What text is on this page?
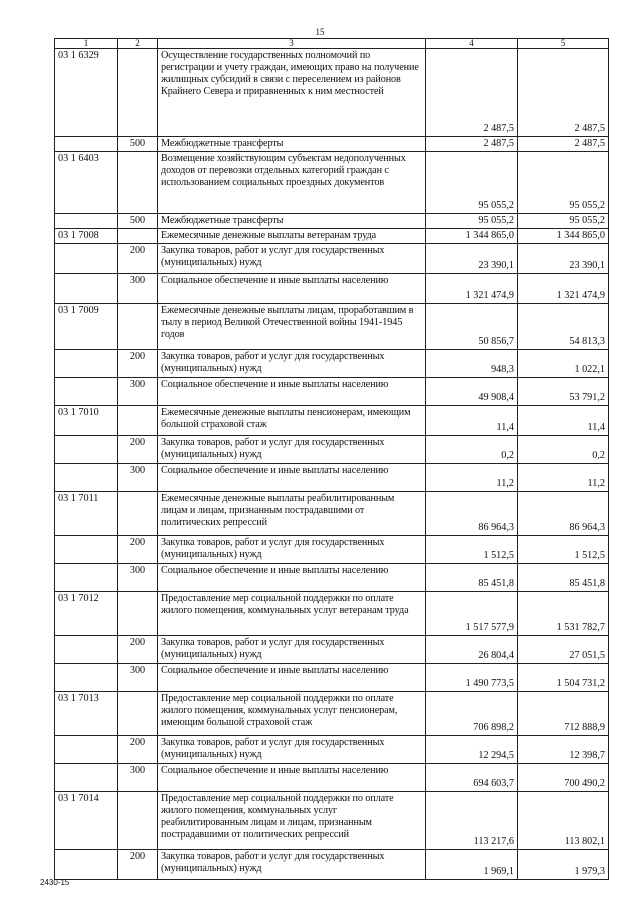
15
1	2	3	4	5
03 1 6329		Осуществление государственных полномочий по регистрации и учету граждан, имеющих право на получение жилищных субсидий в связи с переселением из районов Крайнего Севера и приравненных к ним местностей	2 487,5	2 487,5
	500	Межбюджетные трансферты	2 487,5	2 487,5
03 1 6403		Возмещение хозяйствующим субъектам недополученных доходов от перевозки отдельных категорий граждан с использованием социальных проездных документов	95 055,2	95 055,2
	500	Межбюджетные трансферты	95 055,2	95 055,2
03 1 7008		Ежемесячные денежные выплаты ветеранам труда	1 344 865,0	1 344 865,0
	200	Закупка товаров, работ и услуг для государственных (муниципальных) нужд	23 390,1	23 390,1
	300	Социальное обеспечение и иные выплаты населению	1 321 474,9	1 321 474,9
03 1 7009		Ежемесячные денежные выплаты лицам, проработавшим в тылу в период Великой Отечественной войны 1941-1945 годов	50 856,7	54 813,3
	200	Закупка товаров, работ и услуг для государственных (муниципальных) нужд	948,3	1 022,1
	300	Социальное обеспечение и иные выплаты населению	49 908,4	53 791,2
03 1 7010		Ежемесячные денежные выплаты пенсионерам, имеющим большой страховой стаж	11,4	11,4
	200	Закупка товаров, работ и услуг для государственных (муниципальных) нужд	0,2	0,2
	300	Социальное обеспечение и иные выплаты населению	11,2	11,2
03 1 7011		Ежемесячные денежные выплаты реабилитированным лицам и лицам, признанным пострадавшими от политических репрессий	86 964,3	86 964,3
	200	Закупка товаров, работ и услуг для государственных (муниципальных) нужд	1 512,5	1 512,5
	300	Социальное обеспечение и иные выплаты населению	85 451,8	85 451,8
03 1 7012		Предоставление мер социальной поддержки по оплате жилого помещения, коммунальных услуг ветеранам труда	1 517 577,9	1 531 782,7
	200	Закупка товаров, работ и услуг для государственных (муниципальных) нужд	26 804,4	27 051,5
	300	Социальное обеспечение и иные выплаты населению	1 490 773,5	1 504 731,2
03 1 7013		Предоставление мер социальной поддержки по оплате жилого помещения, коммунальных услуг пенсионерам, имеющим большой страховой стаж	706 898,2	712 888,9
	200	Закупка товаров, работ и услуг для государственных (муниципальных) нужд	12 294,5	12 398,7
	300	Социальное обеспечение и иные выплаты населению	694 603,7	700 490,2
03 1 7014		Предоставление мер социальной поддержки по оплате жилого помещения, коммунальных услуг реабилитированным лицам и лицам, признанным пострадавшими от политических репрессий	113 217,6	113 802,1
	200	Закупка товаров, работ и услуг для государственных (муниципальных) нужд	1 969,1	1 979,3
2430-15
